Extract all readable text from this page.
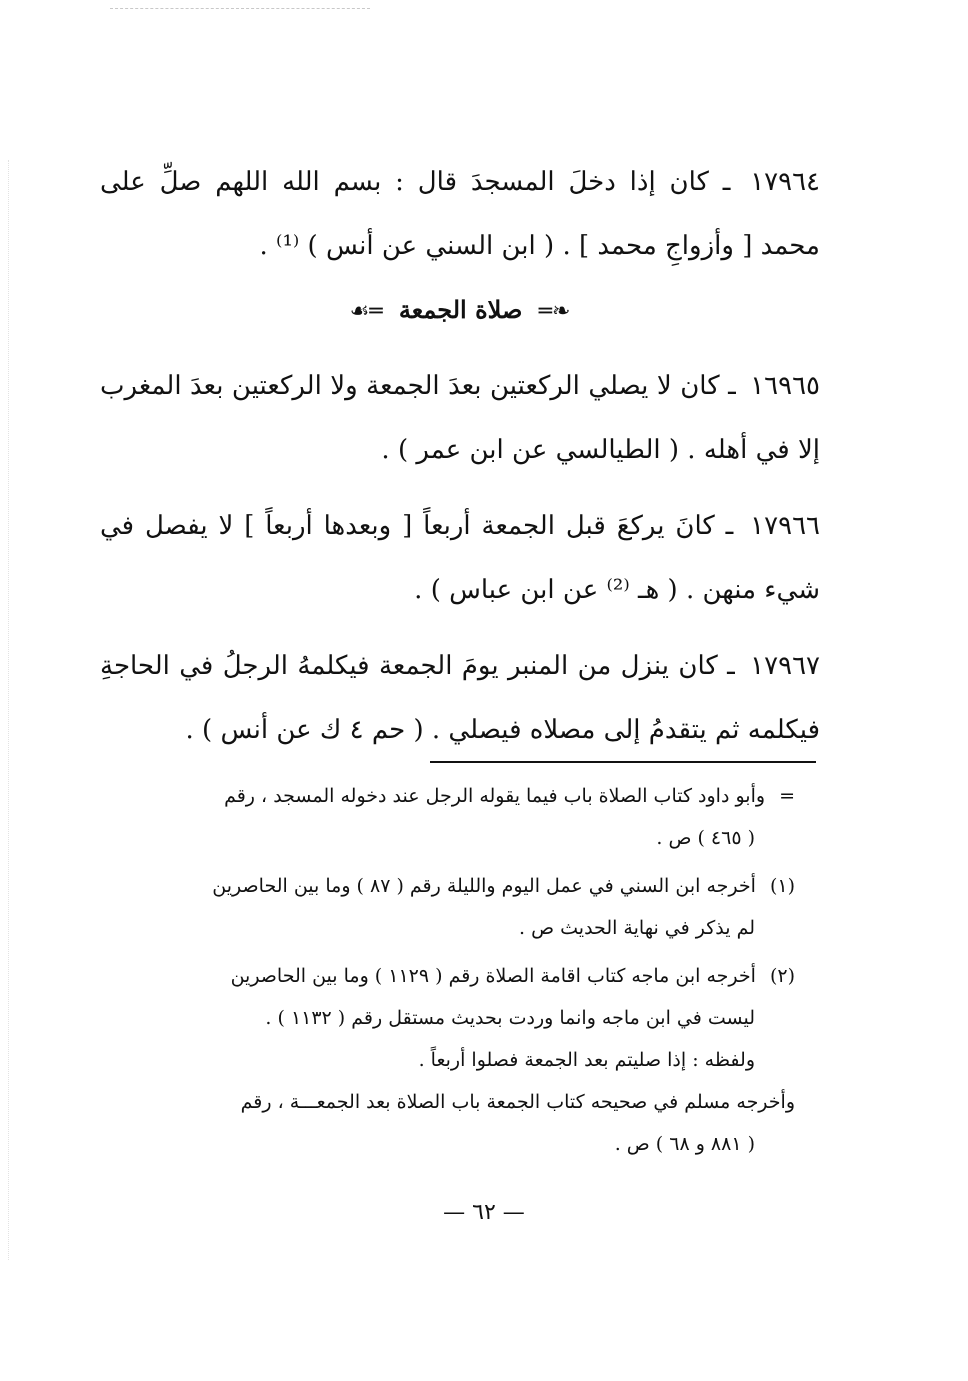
١٧٩٦٤ ـ كان إذا دخلَ المسجدَ قال : بسم الله اللهم صلِّ على محمد [ وأزواجِ محمد ] . ( ابن السني عن أنس ) ⁽¹⁾ .

❧═ صلاة الجمعة ═☙

١٦٩٦٥ ـ كان لا يصلي الركعتين بعدَ الجمعة ولا الركعتين بعدَ المغرب إلا في أهله . ( الطيالسي عن ابن عمر ) .

١٧٩٦٦ ـ كانَ يركعَ قبل الجمعة أربعاً [ وبعدها أربعاً ] لا يفصل في شيء منهن . ( هـ ⁽²⁾ عن ابن عباس ) .

١٧٩٦٧ ـ كان ينزل من المنبر يومَ الجمعة فيكلمهُ الرجلُ في الحاجةِ فيكلمه ثم يتقدمُ إلى مصلاه فيصلي . ( حم ٤ ك عن أنس ) .

= وأبو داود كتاب الصلاة باب فيما يقوله الرجل عند دخوله المسجد ، رقم
( ٤٦٥ ) ص .
(١) أخرجه ابن السني في عمل اليوم والليلة رقم ( ٨٧ ) وما بين الحاصرين
لم يذكر في نهاية الحديث ص .
(٢) أخرجه ابن ماجه كتاب اقامة الصلاة رقم ( ١١٢٩ ) وما بين الحاصرين
ليست في ابن ماجه وانما وردت بحديث مستقل رقم ( ١١٣٢ ) .
ولفظه : إذا صليتم بعد الجمعة فصلوا أربعاً .
وأخرجه مسلم في صحيحه كتاب الجمعة باب الصلاة بعد الجمعـــة ، رقم
( ٨٨١ و ٦٨ ) ص .
— ٦٢ —
